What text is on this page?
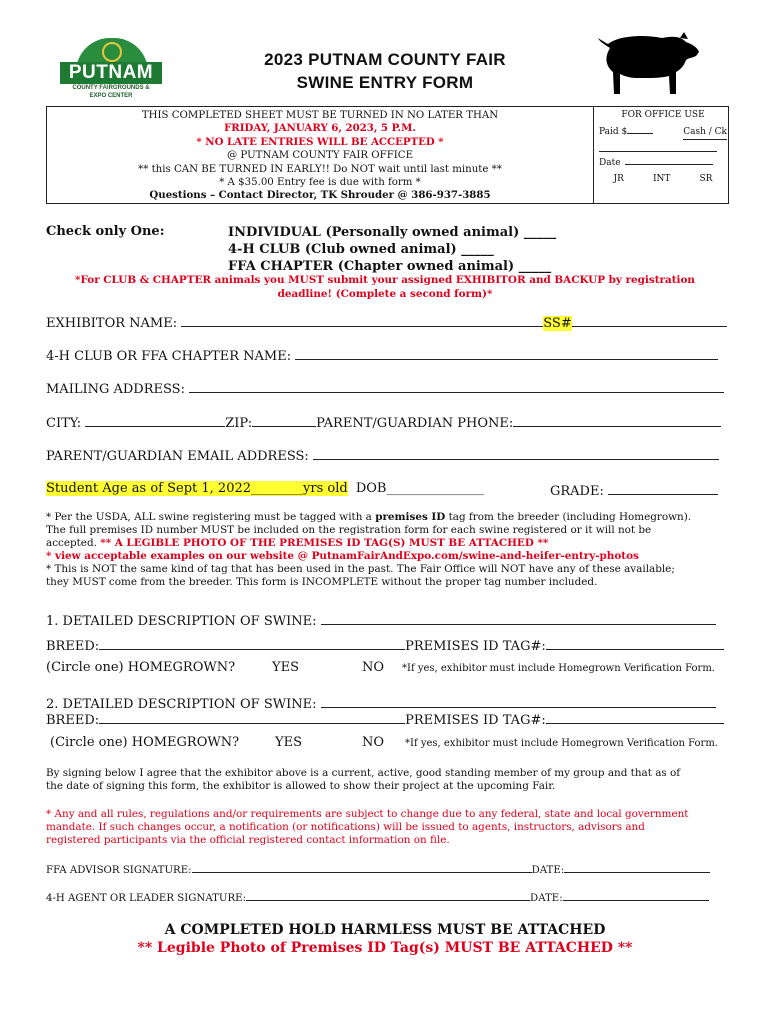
PUTNAM
COUNTY FAIRGROUNDS & EXPO CENTER
2023 PUTNAM COUNTY FAIR
SWINE ENTRY FORM
THIS COMPLETED SHEET MUST BE TURNED IN NO LATER THAN
FRIDAY, JANUARY 6, 2023, 5 P.M.
* NO LATE ENTRIES WILL BE ACCEPTED *
@ PUTNAM COUNTY FAIR OFFICE
** this CAN BE TURNED IN EARLY!! Do NOT wait until last minute **
* A $35.00 Entry fee is due with form *
Questions – Contact Director, TK Shrouder @ 386-937-3885
FOR OFFICE USE
Paid $	Cash / Ck
Date
JR	INT	SR
Check only One:	INDIVIDUAL (Personally owned animal) _____
4-H CLUB (Club owned animal) _____
FFA CHAPTER (Chapter owned animal) _____
*For CLUB & CHAPTER animals you MUST submit your assigned EXHIBITOR and BACKUP by registration
deadline! (Complete a second form)*
EXHIBITOR NAME:	SS#
4-H CLUB OR FFA CHAPTER NAME:
MAILING ADDRESS:
CITY:	ZIP:	PARENT/GUARDIAN PHONE:
PARENT/GUARDIAN EMAIL ADDRESS:
Student Age as of Sept 1, 2022________yrs old DOB_______________	GRADE:
* Per the USDA, ALL swine registering must be tagged with a premises ID tag from the breeder (including Homegrown).
The full premises ID number MUST be included on the registration form for each swine registered or it will not be
accepted. ** A LEGIBLE PHOTO OF THE PREMISES ID TAG(S) MUST BE ATTACHED **
* view acceptable examples on our website @ PutnamFairAndExpo.com/swine-and-heifer-entry-photos
* This is NOT the same kind of tag that has been used in the past. The Fair Office will NOT have any of these available;
they MUST come from the breeder. This form is INCOMPLETE without the proper tag number included.
1. DETAILED DESCRIPTION OF SWINE:
BREED:	PREMISES ID TAG#:
(Circle one) HOMEGROWN?	YES	NO *If yes, exhibitor must include Homegrown Verification Form.
2. DETAILED DESCRIPTION OF SWINE:
BREED:	PREMISES ID TAG#:
(Circle one) HOMEGROWN?	YES	NO *If yes, exhibitor must include Homegrown Verification Form.
By signing below I agree that the exhibitor above is a current, active, good standing member of my group and that as of
the date of signing this form, the exhibitor is allowed to show their project at the upcoming Fair.
* Any and all rules, regulations and/or requirements are subject to change due to any federal, state and local government
mandate. If such changes occur, a notification (or notifications) will be issued to agents, instructors, advisors and
registered participants via the official registered contact information on file.
FFA ADVISOR SIGNATURE:	DATE:
4-H AGENT OR LEADER SIGNATURE:	DATE:
A COMPLETED HOLD HARMLESS MUST BE ATTACHED
** Legible Photo of Premises ID Tag(s) MUST BE ATTACHED **
